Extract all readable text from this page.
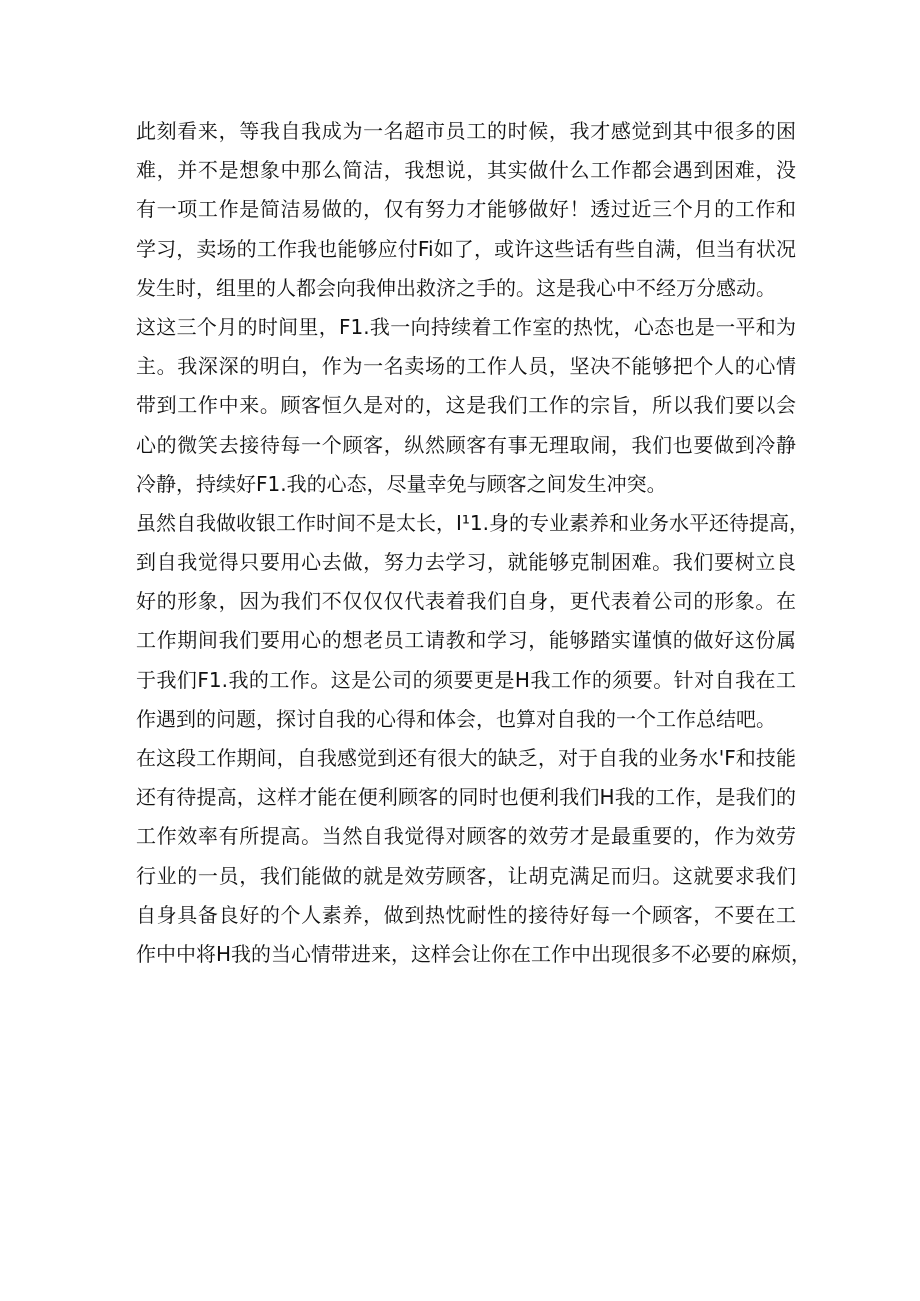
此刻看来，等我自我成为一名超市员工的时候，我才感觉到其中很多的困
难，并不是想象中那么简洁，我想说，其实做什么工作都会遇到困难，没
有一项工作是简洁易做的，仅有努力才能够做好！透过近三个月的工作和
学习，卖场的工作我也能够应付Fi如了，或许这些话有些自满，但当有状况
发生时，组里的人都会向我伸出救济之手的。这是我心中不经万分感动。
这这三个月的时间里，F1.我一向持续着工作室的热忱，心态也是一平和为
主。我深深的明白，作为一名卖场的工作人员，坚决不能够把个人的心情
带到工作中来。顾客恒久是对的，这是我们工作的宗旨，所以我们要以会
心的微笑去接待每一个顾客，纵然顾客有事无理取闹，我们也要做到冷静
冷静，持续好F1.我的心态，尽量幸免与顾客之间发生冲突。
虽然自我做收银工作时间不是太长，I¹1.身的专业素养和业务水平还待提高，
到自我觉得只要用心去做，努力去学习，就能够克制困难。我们要树立良
好的形象，因为我们不仅仅仅代表着我们自身，更代表着公司的形象。在
工作期间我们要用心的想老员工请教和学习，能够踏实谨慎的做好这份属
于我们F1.我的工作。这是公司的须要更是H我工作的须要。针对自我在工
作遇到的问题，探讨自我的心得和体会，也算对自我的一个工作总结吧。
在这段工作期间，自我感觉到还有很大的缺乏，对于自我的业务水'F和技能
还有待提高，这样才能在便利顾客的同时也便利我们H我的工作，是我们的
工作效率有所提高。当然自我觉得对顾客的效劳才是最重要的，作为效劳
行业的一员，我们能做的就是效劳顾客，让胡克满足而归。这就要求我们
自身具备良好的个人素养，做到热忱耐性的接待好每一个顾客，不要在工
作中中将H我的当心情带进来，这样会让你在工作中出现很多不必要的麻烦，
